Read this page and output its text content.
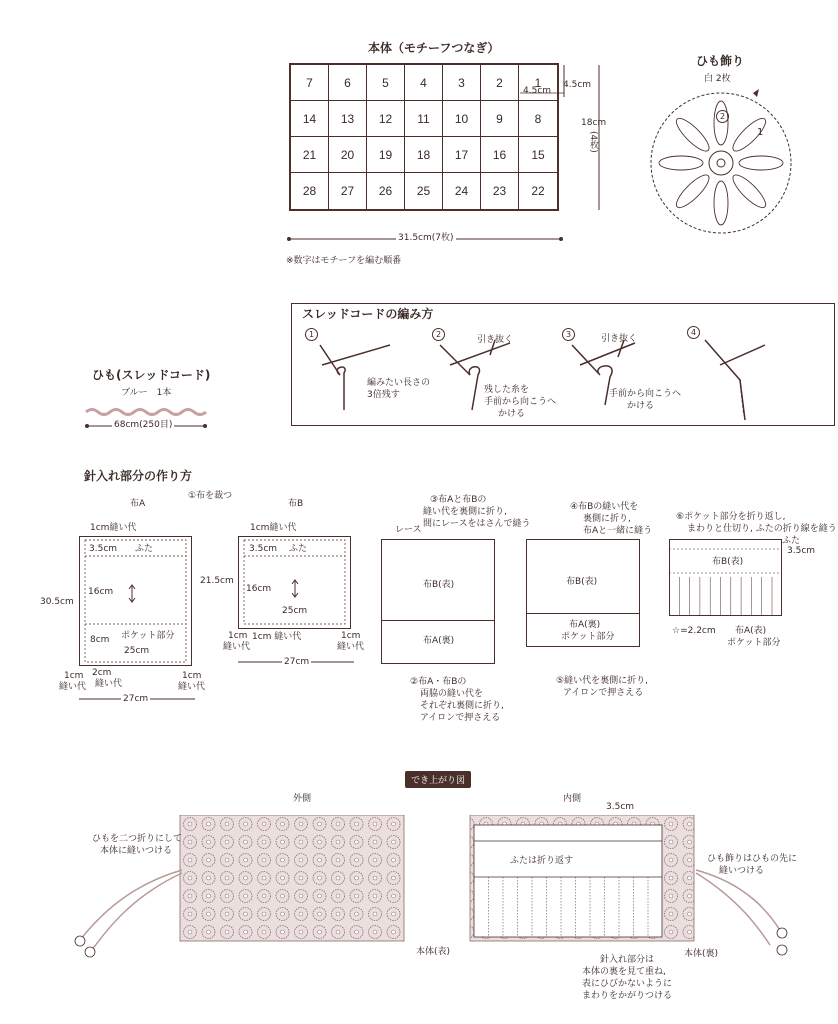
本体（モチーフつなぎ）
7	6	5	4	3	2	1
14	13	12	11	10	9	8
21	20	19	18	17	16	15
28	27	26	25	24	23	22
4.5cm
4.5cm
18cm
(4枚)
31.5cm(7枚)
※数字はモチーフを編む順番
ひも飾り
白 2枚
1
2
スレッドコードの編み方
1	2	3	4
引き抜く	引き抜く
編みたい長さの
3倍残す	残した糸を
手前から向こうへ
かける
手前から向こうへ
かける
ひも(スレッドコード)
ブルー　1本
68cm(250目)
針入れ部分の作り方
布A
①布を裁つ
布B
1cm縫い代
3.5cm ふた
16cm
8cm ポケット部分
25cm
30.5cm
1cm
縫い代
2cm
縫い代
1cm
縫い代
27cm
1cm縫い代
3.5cm ふた
21.5cm
16cm
25cm
1cm
縫い代
1cm 縫い代	1cm
縫い代
27cm
③布Aと布Bの
縫い代を裏側に折り,
間にレースをはさんで縫う
レース
布B(表)
布A(裏)
②布A・布Bの
両脇の縫い代を
それぞれ裏側に折り,
アイロンで押さえる
④布Bの縫い代を
裏側に折り,
布Aと一緒に縫う
布B(表)
布A(裏)
ポケット部分
⑤縫い代を裏側に折り,
アイロンで押さえる
⑥ポケット部分を折り返し,
まわりと仕切り, ふたの折り線を縫う
ふた
3.5cm
布B(表)
☆=2.2cm 布A(表)
ポケット部分
でき上がり図
外側	内側
ひもを二つ折りにして
本体に縫いつける
本体(表)
3.5cm
ふたは折り返す	ひも飾りはひもの先に
縫いつける
本体(裏)
針入れ部分は
本体の裏を見て重ね,
表にひびかないように
まわりをかがりつける
